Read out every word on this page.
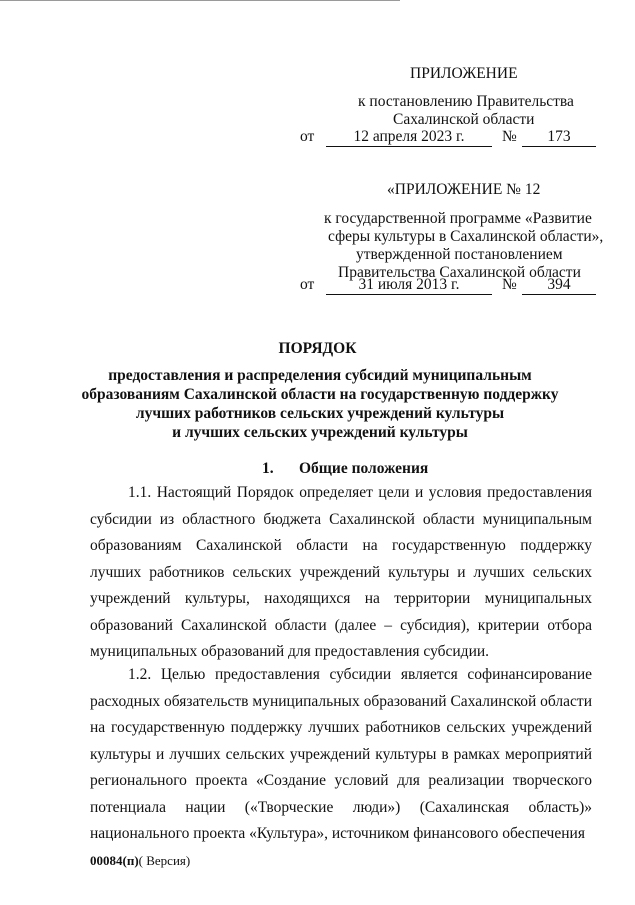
ПРИЛОЖЕНИЕ
к постановлению Правительства
Сахалинской области
от	12 апреля 2023 г.	№	173
«ПРИЛОЖЕНИЕ № 12
к государственной программе «Развитие
сферы культуры в Сахалинской области»,
утвержденной постановлением
Правительства Сахалинской области
от	31 июля 2013 г.	№	394
ПОРЯДОК
предоставления и распределения субсидий муниципальным
образованиям Сахалинской области на государственную поддержку
лучших работников сельских учреждений культуры
и лучших сельских учреждений культуры
1. Общие положения

1.1. Настоящий Порядок определяет цели и условия предоставления субсидии из областного бюджета Сахалинской области муниципальным образованиям Сахалинской области на государственную поддержку лучших работников сельских учреждений культуры и лучших сельских учреждений культуры, находящихся на территории муниципальных образований Сахалинской области (далее – субсидия), критерии отбора муниципальных образований для предоставления субсидии.

1.2. Целью предоставления субсидии является софинансирование расходных обязательств муниципальных образований Сахалинской области на государственную поддержку лучших работников сельских учреждений культуры и лучших сельских учреждений культуры в рамках мероприятий регионального проекта «Создание условий для реализации творческого потенциала нации («Творческие люди») (Сахалинская область)» национального проекта «Культура», источником финансового обеспечения

00084(п)( Версия)
